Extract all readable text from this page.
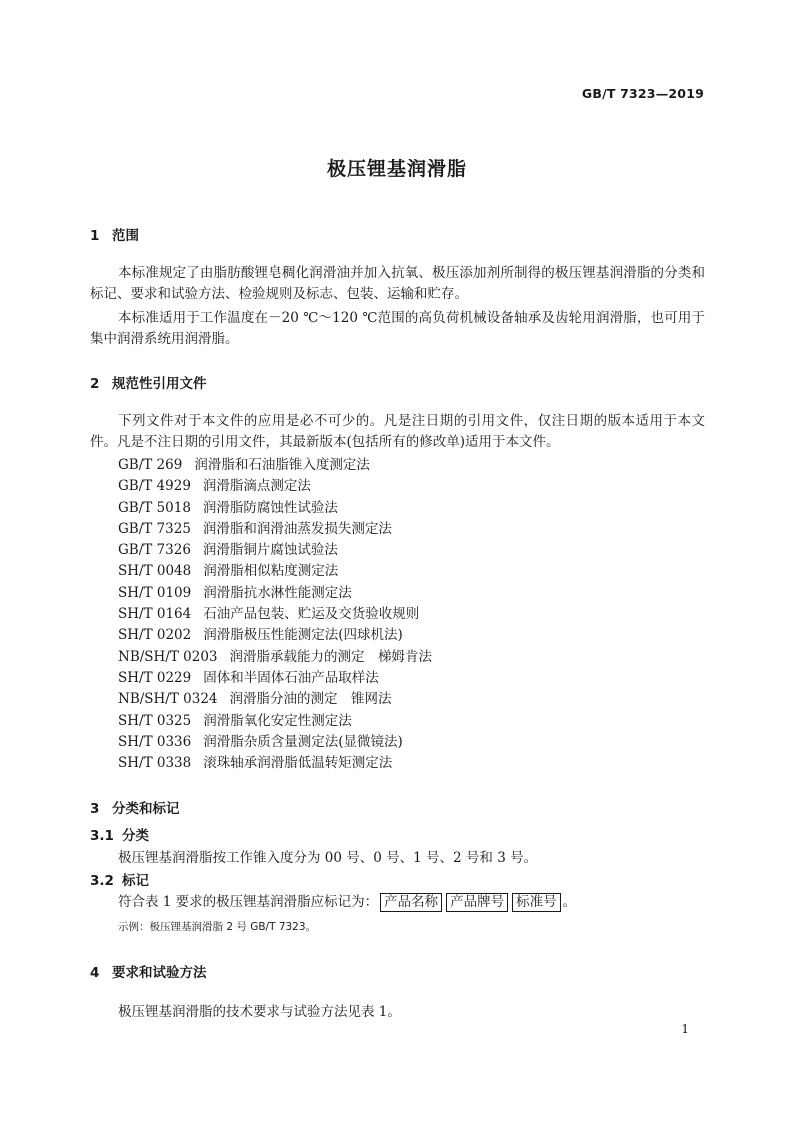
GB/T 7323—2019
极压锂基润滑脂
1 范围
本标准规定了由脂肪酸锂皂稠化润滑油并加入抗氧、极压添加剂所制得的极压锂基润滑脂的分类和标记、要求和试验方法、检验规则及标志、包装、运输和贮存。
本标准适用于工作温度在－20 ℃～120 ℃范围的高负荷机械设备轴承及齿轮用润滑脂，也可用于集中润滑系统用润滑脂。
2 规范性引用文件
下列文件对于本文件的应用是必不可少的。凡是注日期的引用文件，仅注日期的版本适用于本文件。凡是不注日期的引用文件，其最新版本(包括所有的修改单)适用于本文件。
GB/T 269 润滑脂和石油脂锥入度测定法
GB/T 4929 润滑脂滴点测定法
GB/T 5018 润滑脂防腐蚀性试验法
GB/T 7325 润滑脂和润滑油蒸发损失测定法
GB/T 7326 润滑脂铜片腐蚀试验法
SH/T 0048 润滑脂相似粘度测定法
SH/T 0109 润滑脂抗水淋性能测定法
SH/T 0164 石油产品包装、贮运及交货验收规则
SH/T 0202 润滑脂极压性能测定法(四球机法)
NB/SH/T 0203 润滑脂承载能力的测定　梯姆肯法
SH/T 0229 固体和半固体石油产品取样法
NB/SH/T 0324 润滑脂分油的测定　锥网法
SH/T 0325 润滑脂氧化安定性测定法
SH/T 0336 润滑脂杂质含量测定法(显微镜法)
SH/T 0338 滚珠轴承润滑脂低温转矩测定法
3 分类和标记
3.1 分类
极压锂基润滑脂按工作锥入度分为 00 号、0 号、1 号、2 号和 3 号。
3.2 标记
符合表 1 要求的极压锂基润滑脂应标记为： 产品名称 产品牌号 标准号 。
示例：极压锂基润滑脂 2 号 GB/T 7323。
4 要求和试验方法
极压锂基润滑脂的技术要求与试验方法见表 1。
1
